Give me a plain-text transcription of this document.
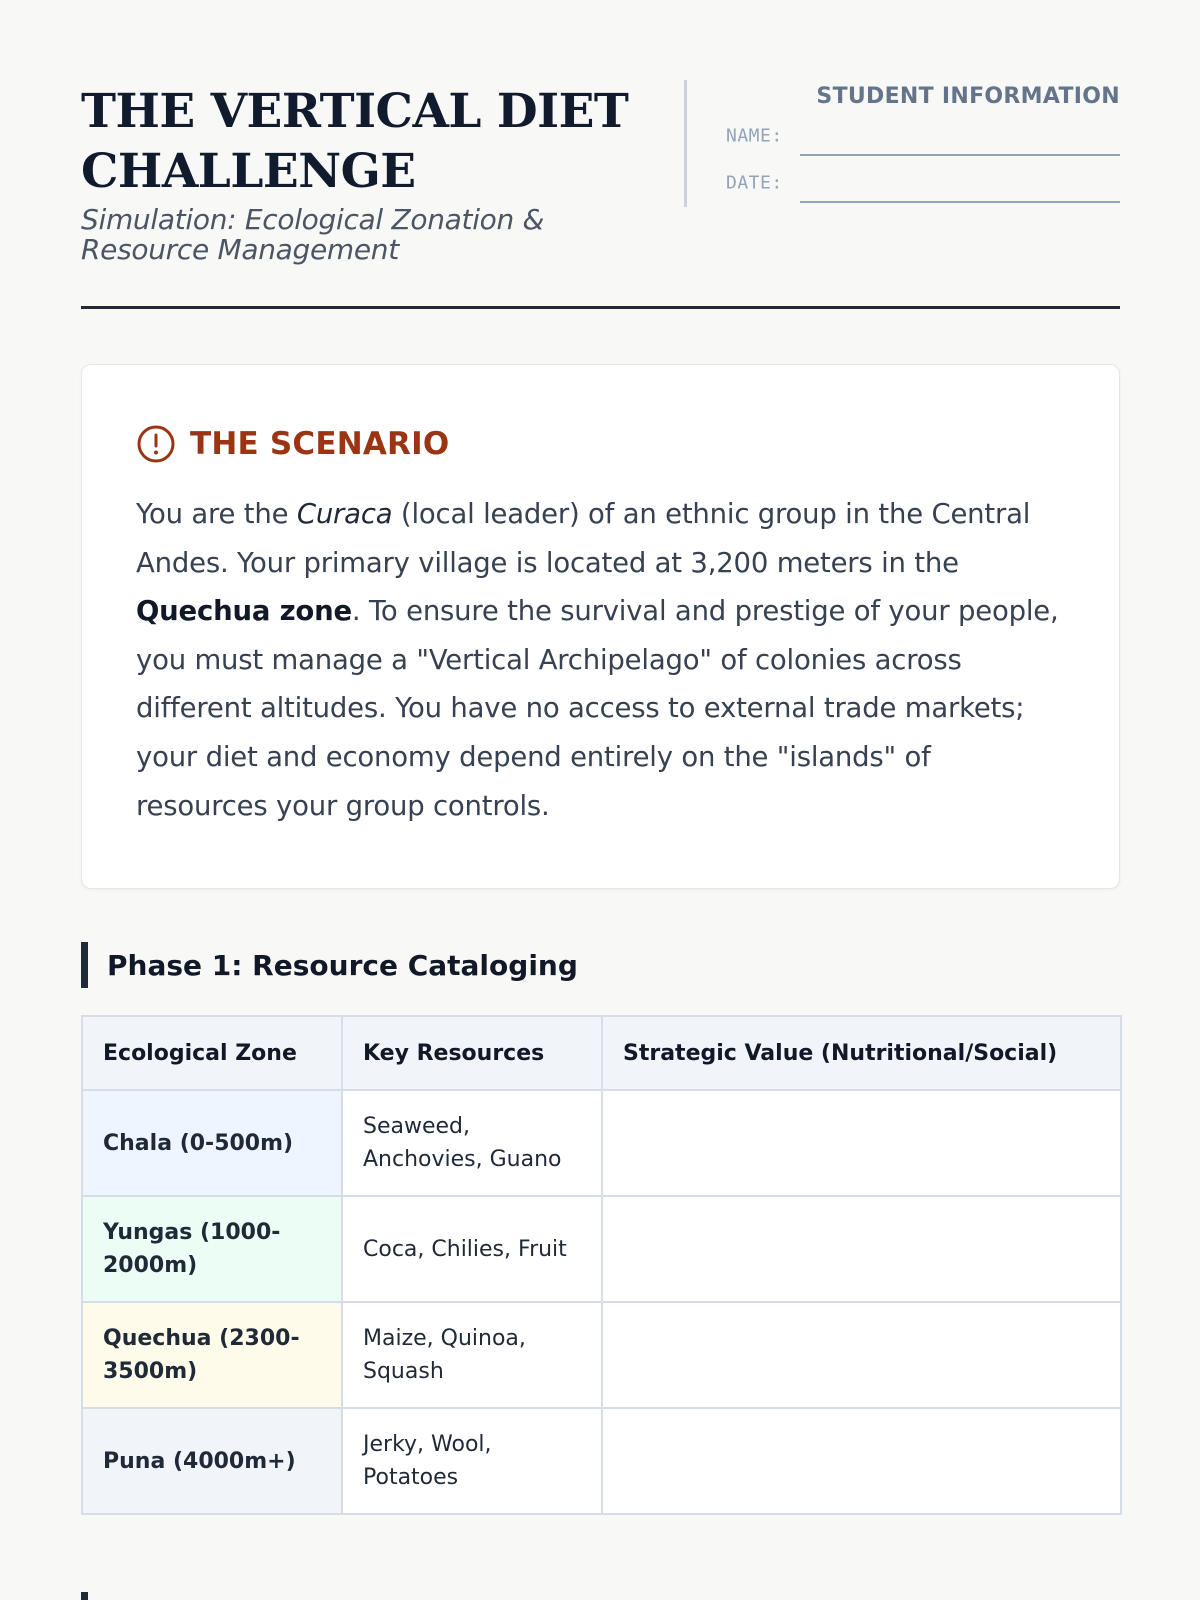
THE VERTICAL DIET CHALLENGE
Simulation: Ecological Zonation & Resource Management
STUDENT INFORMATION
NAME:
DATE:
THE SCENARIO
You are the Curaca (local leader) of an ethnic group in the Central Andes. Your primary village is located at 3,200 meters in the Quechua zone. To ensure the survival and prestige of your people, you must manage a "Vertical Archipelago" of colonies across different altitudes. You have no access to external trade markets; your diet and economy depend entirely on the "islands" of resources your group controls.
Phase 1: Resource Cataloging
Ecological Zone	Key Resources	Strategic Value (Nutritional/Social)
Chala (0-500m)	Seaweed, Anchovies, Guano	
Yungas (1000-2000m)	Coca, Chilies, Fruit	
Quechua (2300-3500m)	Maize, Quinoa, Squash	
Puna (4000m+)	Jerky, Wool, Potatoes	
